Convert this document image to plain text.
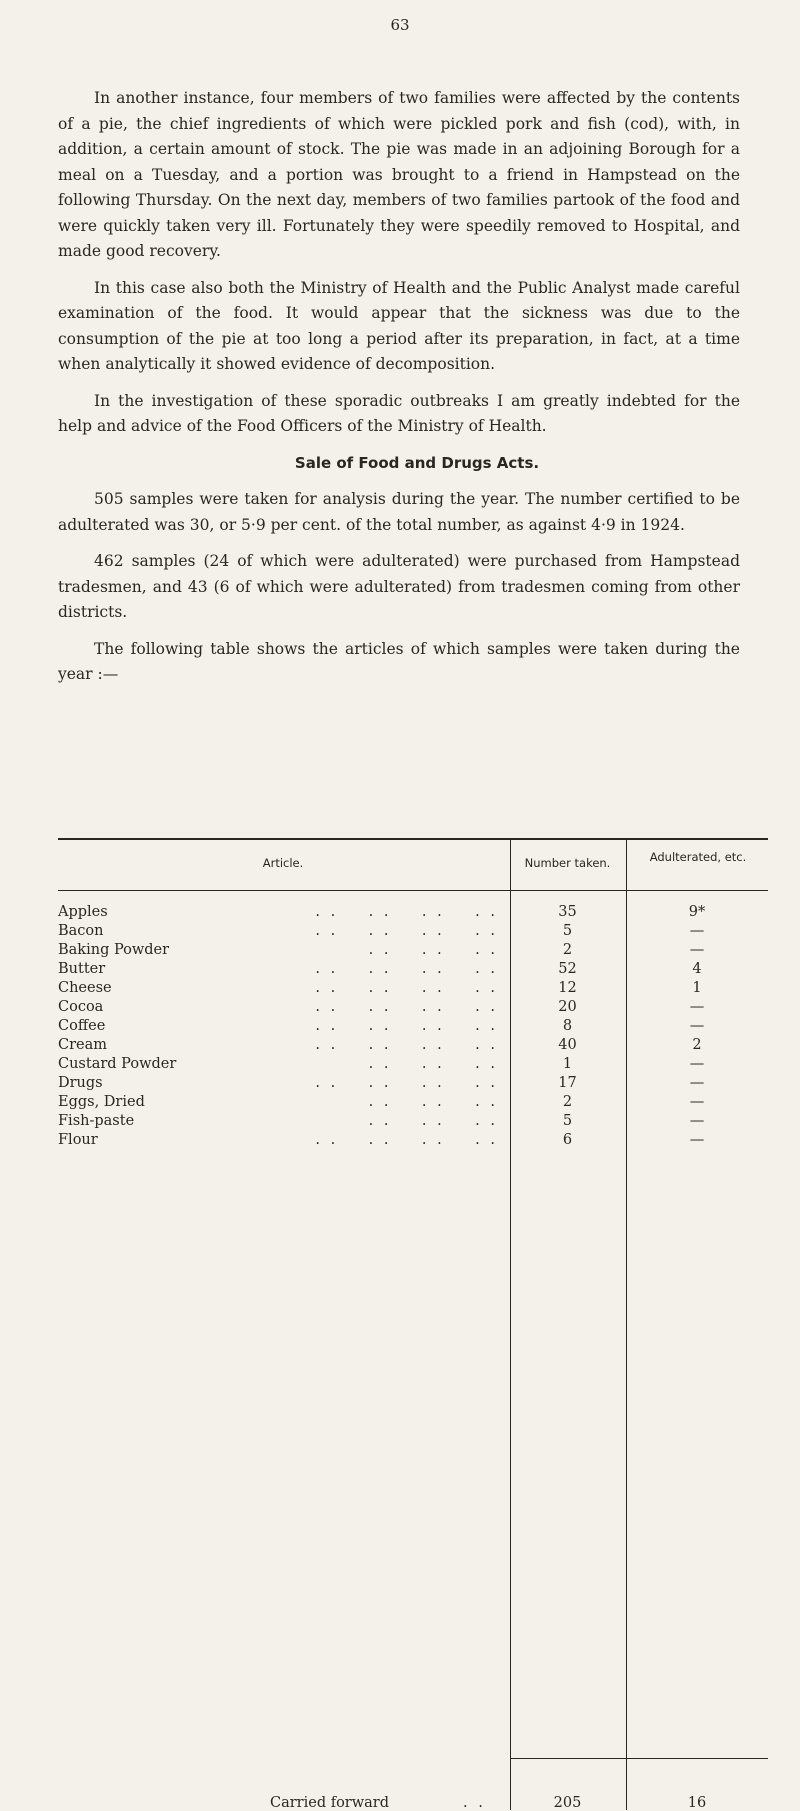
63

In another instance, four members of two families were affected by the contents of a pie, the chief ingredients of which were pickled pork and fish (cod), with, in addition, a certain amount of stock. The pie was made in an adjoining Borough for a meal on a Tuesday, and a portion was brought to a friend in Hampstead on the following Thursday. On the next day, members of two families partook of the food and were quickly taken very ill. Fortunately they were speedily removed to Hospital, and made good recovery.

In this case also both the Ministry of Health and the Public Analyst made careful examination of the food. It would appear that the sickness was due to the consumption of the pie at too long a period after its preparation, in fact, at a time when analytically it showed evidence of decomposition.

In the investigation of these sporadic outbreaks I am greatly indebted for the help and advice of the Food Officers of the Ministry of Health.

Sale of Food and Drugs Acts.

505 samples were taken for analysis during the year. The number certified to be adulterated was 30, or 5·9 per cent. of the total number, as against 4·9 in 1924.

462 samples (24 of which were adulterated) were purchased from Hampstead tradesmen, and 43 (6 of which were adulterated) from tradesmen coming from other districts.

The following table shows the articles of which samples were taken during the year :—

Article.	Number taken.	Adulterated, etc.
Apples	. .    . .    . .    . .	35	9*
Bacon	. .    . .    . .    . .	5	—
Baking Powder	. .    . .    . .	2	—
Butter	. .    . .    . .    . .	52	4
Cheese	. .    . .    . .    . .	12	1
Cocoa	. .    . .    . .    . .	20	—
Coffee	. .    . .    . .    . .	8	—
Cream	. .    . .    . .    . .	40	2
Custard Powder	. .    . .    . .	1	—
Drugs	. .    . .    . .    . .	17	—
Eggs, Dried	. .    . .    . .	2	—
Fish-paste	. .    . .    . .	5	—
Flour	. .    . .    . .    . .	6	—
Carried forward	. .	205	16
